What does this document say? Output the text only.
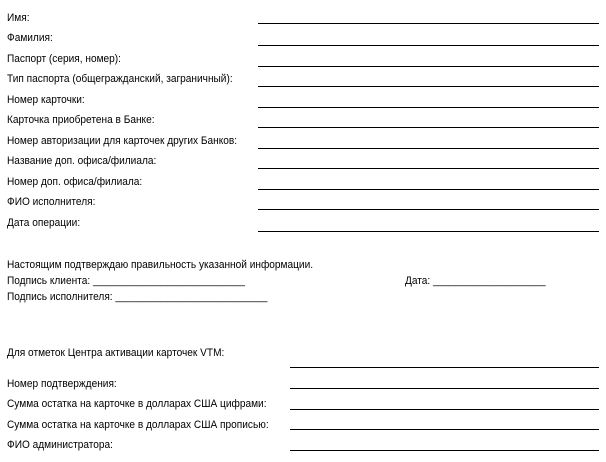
Имя:
Фамилия:
Паспорт (серия, номер):
Тип паспорта (общегражданский, заграничный):
Номер карточки:
Карточка приобретена в Банке:
Номер авторизации для карточек других Банков:
Название доп. офиса/филиала:
Номер доп. офиса/филиала:
ФИО исполнителя:
Дата операции:
Настоящим подтверждаю правильность указанной информации.
Подпись клиента: ___________________________	Дата: ____________________
Подпись исполнителя: ___________________________
Для отметок Центра активации карточек VTM:
Номер подтверждения:
Сумма остатка на карточке в долларах США цифрами:
Сумма остатка на карточке в долларах США прописью:
ФИО администратора:
